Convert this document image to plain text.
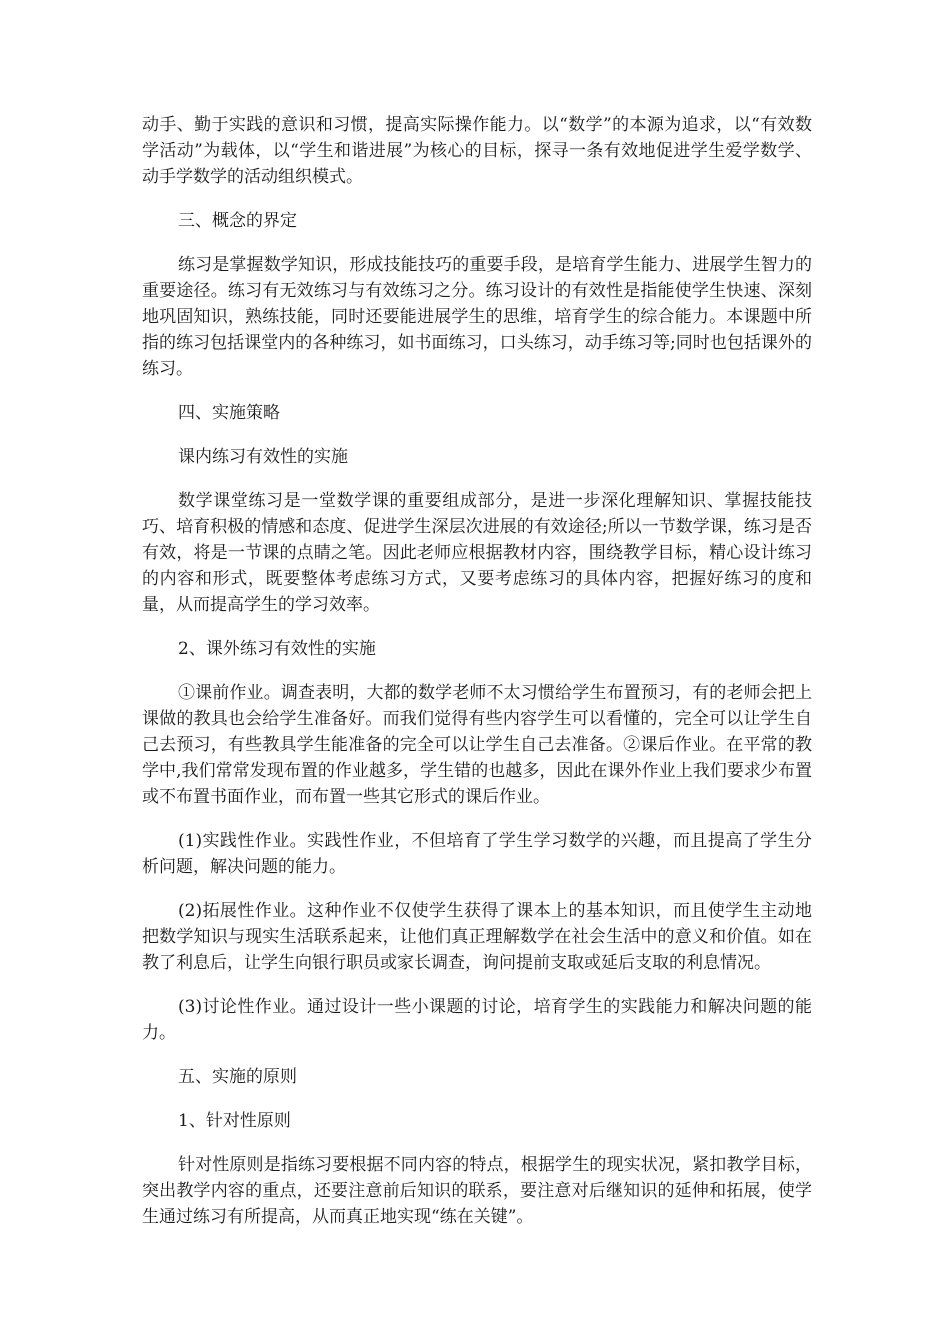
动手、勤于实践的意识和习惯，提高实际操作能力。以“数学”的本源为追求，以“有效数学活动”为载体，以“学生和谐进展”为核心的目标，探寻一条有效地促进学生爱学数学、动手学数学的活动组织模式。

三、概念的界定

练习是掌握数学知识，形成技能技巧的重要手段，是培育学生能力、进展学生智力的重要途径。练习有无效练习与有效练习之分。练习设计的有效性是指能使学生快速、深刻地巩固知识，熟练技能，同时还要能进展学生的思维，培育学生的综合能力。本课题中所指的练习包括课堂内的各种练习，如书面练习，口头练习，动手练习等;同时也包括课外的练习。

四、实施策略

课内练习有效性的实施

数学课堂练习是一堂数学课的重要组成部分，是进一步深化理解知识、掌握技能技巧、培育积极的情感和态度、促进学生深层次进展的有效途径;所以一节数学课，练习是否有效，将是一节课的点睛之笔。因此老师应根据教材内容，围绕教学目标，精心设计练习的内容和形式，既要整体考虑练习方式，又要考虑练习的具体内容，把握好练习的度和量，从而提高学生的学习效率。

2、课外练习有效性的实施

①课前作业。调查表明，大都的数学老师不太习惯给学生布置预习，有的老师会把上课做的教具也会给学生准备好。而我们觉得有些内容学生可以看懂的，完全可以让学生自己去预习，有些教具学生能准备的完全可以让学生自己去准备。②课后作业。在平常的教学中,我们常常发现布置的作业越多，学生错的也越多，因此在课外作业上我们要求少布置或不布置书面作业，而布置一些其它形式的课后作业。

(1)实践性作业。实践性作业，不但培育了学生学习数学的兴趣，而且提高了学生分析问题，解决问题的能力。

(2)拓展性作业。这种作业不仅使学生获得了课本上的基本知识，而且使学生主动地把数学知识与现实生活联系起来，让他们真正理解数学在社会生活中的意义和价值。如在教了利息后，让学生向银行职员或家长调查，询问提前支取或延后支取的利息情况。

(3)讨论性作业。通过设计一些小课题的讨论，培育学生的实践能力和解决问题的能力。

五、实施的原则

1、针对性原则

针对性原则是指练习要根据不同内容的特点，根据学生的现实状况，紧扣教学目标，突出教学内容的重点，还要注意前后知识的联系，要注意对后继知识的延伸和拓展，使学生通过练习有所提高，从而真正地实现“练在关键”。
